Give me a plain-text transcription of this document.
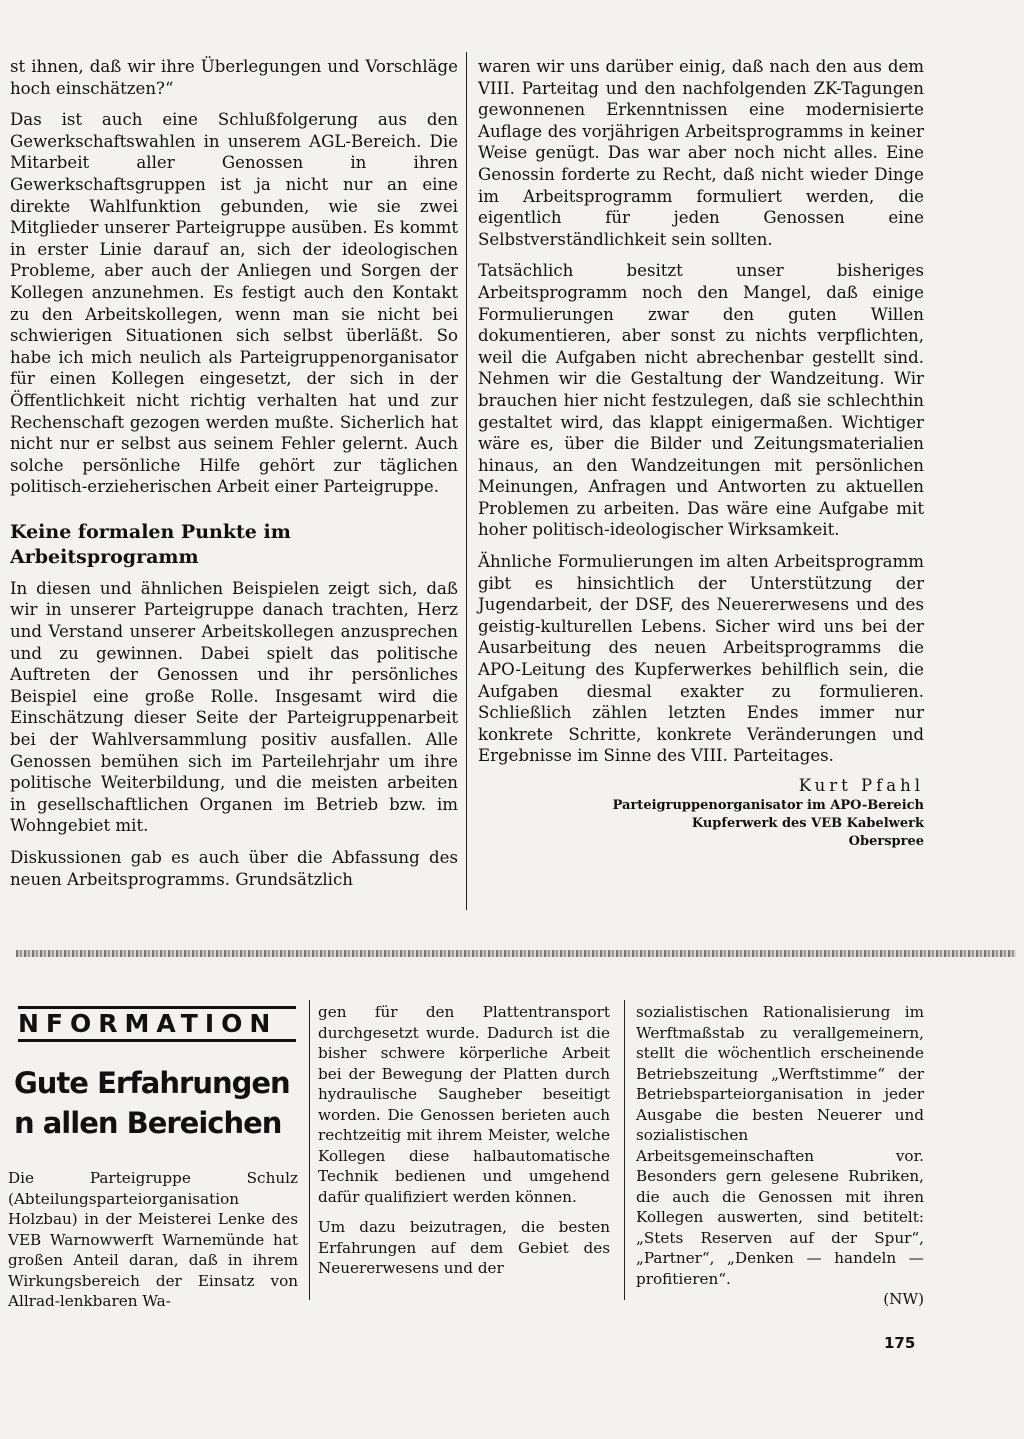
st ihnen, daß wir ihre Überlegungen und Vorschläge hoch einschätzen?“

Das ist auch eine Schlußfolgerung aus den Gewerkschaftswahlen in unserem AGL-Bereich. Die Mitarbeit aller Genossen in ihren Gewerkschaftsgruppen ist ja nicht nur an eine direkte Wahlfunktion gebunden, wie sie zwei Mitglieder unserer Parteigruppe ausüben. Es kommt in erster Linie darauf an, sich der ideologischen Probleme, aber auch der Anliegen und Sorgen der Kollegen anzunehmen. Es festigt auch den Kontakt zu den Arbeitskollegen, wenn man sie nicht bei schwierigen Situationen sich selbst überläßt. So habe ich mich neulich als Parteigruppenorganisator für einen Kollegen eingesetzt, der sich in der Öffentlichkeit nicht richtig verhalten hat und zur Rechenschaft gezogen werden mußte. Sicherlich hat nicht nur er selbst aus seinem Fehler gelernt. Auch solche persönliche Hilfe gehört zur täglichen politisch-erzieherischen Arbeit einer Parteigruppe.

Keine formalen Punkte im Arbeitsprogramm

In diesen und ähnlichen Beispielen zeigt sich, daß wir in unserer Parteigruppe danach trachten, Herz und Verstand unserer Arbeitskollegen anzusprechen und zu gewinnen. Dabei spielt das politische Auftreten der Genossen und ihr persönliches Beispiel eine große Rolle. Insgesamt wird die Einschätzung dieser Seite der Parteigruppenarbeit bei der Wahlversammlung positiv ausfallen. Alle Genossen bemühen sich im Parteilehrjahr um ihre politische Weiterbildung, und die meisten arbeiten in gesellschaftlichen Organen im Betrieb bzw. im Wohngebiet mit.

Diskussionen gab es auch über die Abfassung des neuen Arbeitsprogramms. Grundsätzlich

waren wir uns darüber einig, daß nach den aus dem VIII. Parteitag und den nachfolgenden ZK-Tagungen gewonnenen Erkenntnissen eine modernisierte Auflage des vorjährigen Arbeitsprogramms in keiner Weise genügt. Das war aber noch nicht alles. Eine Genossin forderte zu Recht, daß nicht wieder Dinge im Arbeitsprogramm formuliert werden, die eigentlich für jeden Genossen eine Selbstverständlichkeit sein sollten.

Tatsächlich besitzt unser bisheriges Arbeitsprogramm noch den Mangel, daß einige Formulierungen zwar den guten Willen dokumentieren, aber sonst zu nichts verpflichten, weil die Aufgaben nicht abrechenbar gestellt sind. Nehmen wir die Gestaltung der Wandzeitung. Wir brauchen hier nicht festzulegen, daß sie schlechthin gestaltet wird, das klappt einigermaßen. Wichtiger wäre es, über die Bilder und Zeitungsmaterialien hinaus, an den Wandzeitungen mit persönlichen Meinungen, Anfragen und Antworten zu aktuellen Problemen zu arbeiten. Das wäre eine Aufgabe mit hoher politisch-ideologischer Wirksamkeit.

Ähnliche Formulierungen im alten Arbeitsprogramm gibt es hinsichtlich der Unterstützung der Jugendarbeit, der DSF, des Neuererwesens und des geistig-kulturellen Lebens. Sicher wird uns bei der Ausarbeitung des neuen Arbeitsprogramms die APO-Leitung des Kupferwerkes behilflich sein, die Aufgaben diesmal exakter zu formulieren. Schließlich zählen letzten Endes immer nur konkrete Schritte, konkrete Veränderungen und Ergebnisse im Sinne des VIII. Parteitages.

Kurt Pfahl
Parteigruppenorganisator im APO-Bereich
Kupferwerk des VEB Kabelwerk
Oberspree
NFORMATION
Gute Erfahrungen
n allen Bereichen

Die Parteigruppe Schulz (Abteilungsparteiorganisation Holzbau) in der Meisterei Lenke des VEB Warnowwerft Warnemünde hat großen Anteil daran, daß in ihrem Wirkungsbereich der Einsatz von Allrad-lenkbaren Wa-

gen für den Plattentransport durchgesetzt wurde. Dadurch ist die bisher schwere körperliche Arbeit bei der Bewegung der Platten durch hydraulische Saugheber beseitigt worden. Die Genossen berieten auch rechtzeitig mit ihrem Meister, welche Kollegen diese halbautomatische Technik bedienen und umgehend dafür qualifiziert werden können.

Um dazu beizutragen, die besten Erfahrungen auf dem Gebiet des Neuererwesens und der

sozialistischen Rationalisierung im Werftmaßstab zu verallgemeinern, stellt die wöchentlich erscheinende Betriebszeitung „Werftstimme“ der Betriebsparteiorganisation in jeder Ausgabe die besten Neuerer und sozialistischen Arbeitsgemeinschaften vor. Besonders gern gelesene Rubriken, die auch die Genossen mit ihren Kollegen auswerten, sind betitelt: „Stets Reserven auf der Spur“, „Partner“, „Denken — handeln — profitieren“.

(NW)
175
